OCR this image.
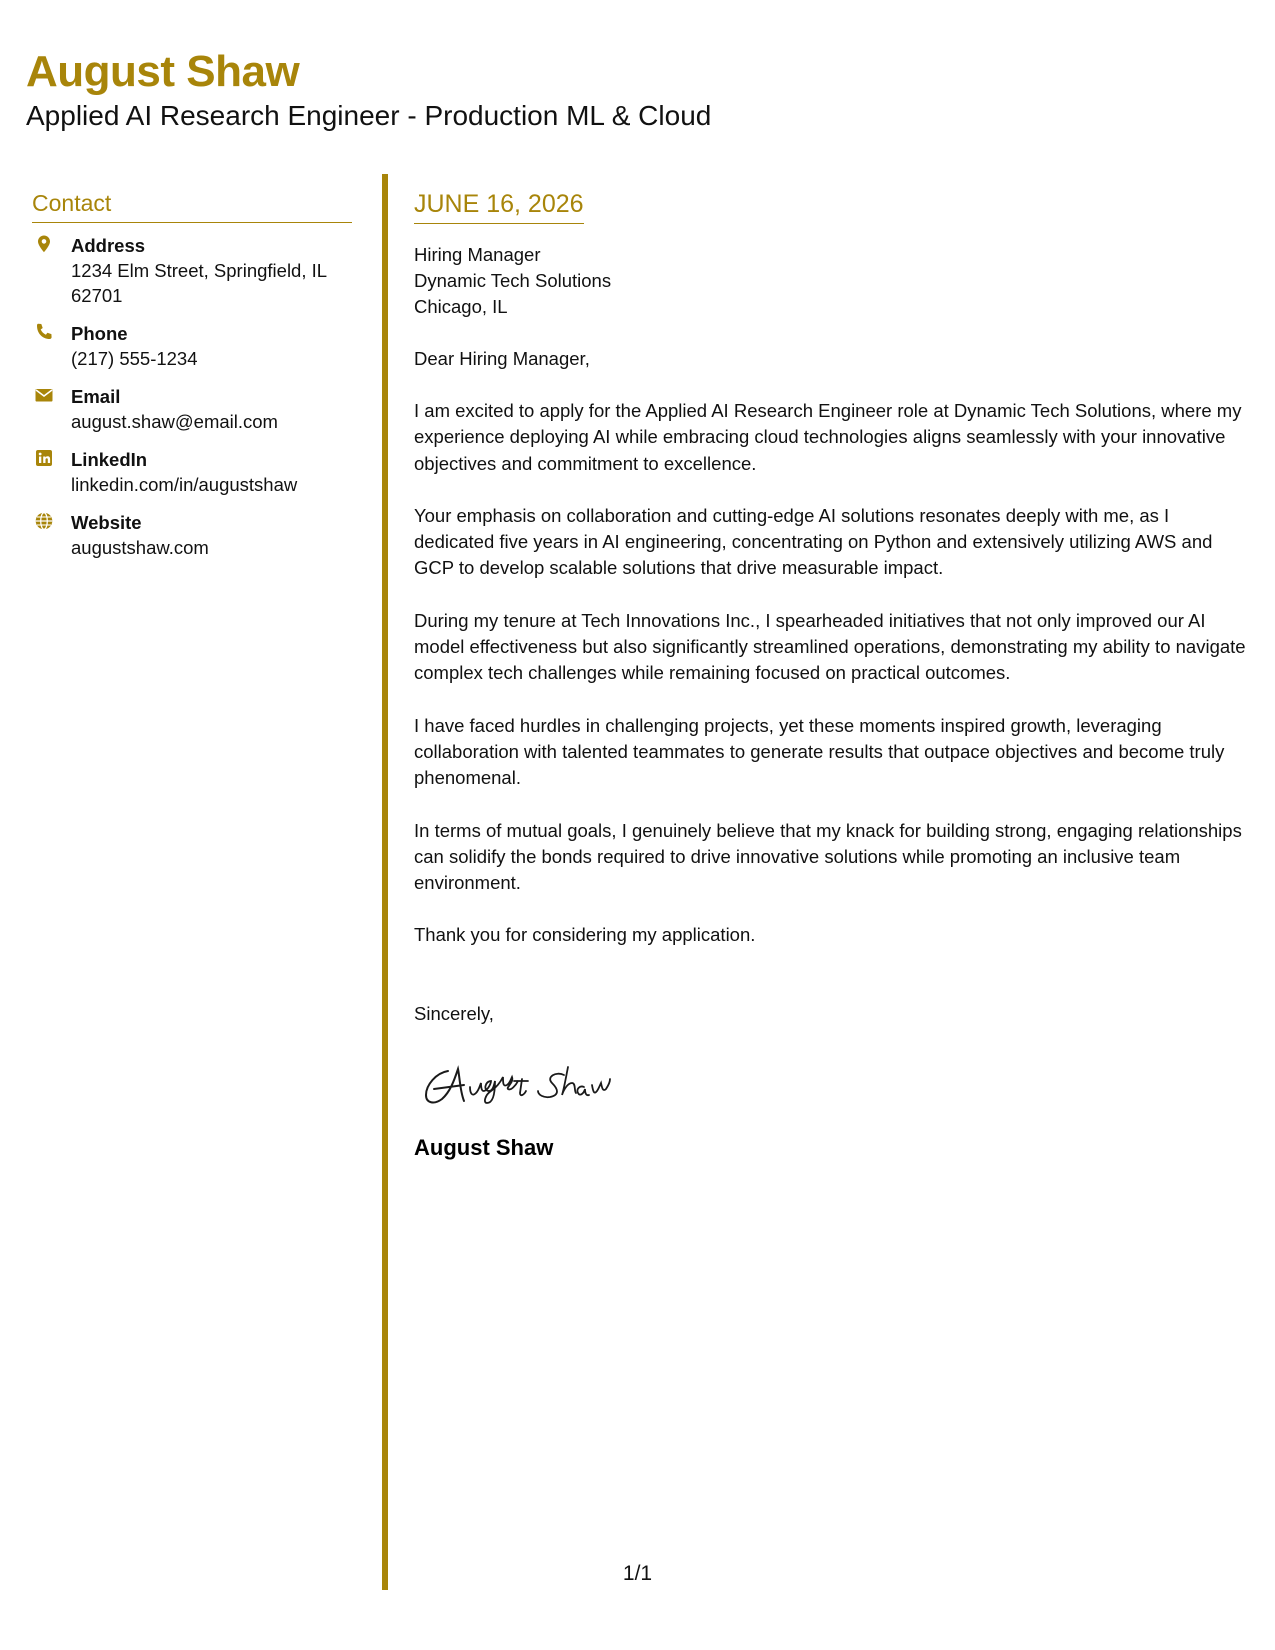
August Shaw
Applied AI Research Engineer - Production ML & Cloud
Contact
Address
1234 Elm Street, Springfield, IL 62701
Phone
(217) 555-1234
Email
august.shaw@email.com
LinkedIn
linkedin.com/in/augustshaw
Website
augustshaw.com
JUNE 16, 2026
Hiring Manager
Dynamic Tech Solutions
Chicago, IL
Dear Hiring Manager,

I am excited to apply for the Applied AI Research Engineer role at Dynamic Tech Solutions, where my experience deploying AI while embracing cloud technologies aligns seamlessly with your innovative objectives and commitment to excellence.

Your emphasis on collaboration and cutting-edge AI solutions resonates deeply with me, as I dedicated five years in AI engineering, concentrating on Python and extensively utilizing AWS and GCP to develop scalable solutions that drive measurable impact.

During my tenure at Tech Innovations Inc., I spearheaded initiatives that not only improved our AI model effectiveness but also significantly streamlined operations, demonstrating my ability to navigate complex tech challenges while remaining focused on practical outcomes.

I have faced hurdles in challenging projects, yet these moments inspired growth, leveraging collaboration with talented teammates to generate results that outpace objectives and become truly phenomenal.

In terms of mutual goals, I genuinely believe that my knack for building strong, engaging relationships can solidify the bonds required to drive innovative solutions while promoting an inclusive team environment.

Thank you for considering my application.

Sincerely,
August Shaw
1/1
